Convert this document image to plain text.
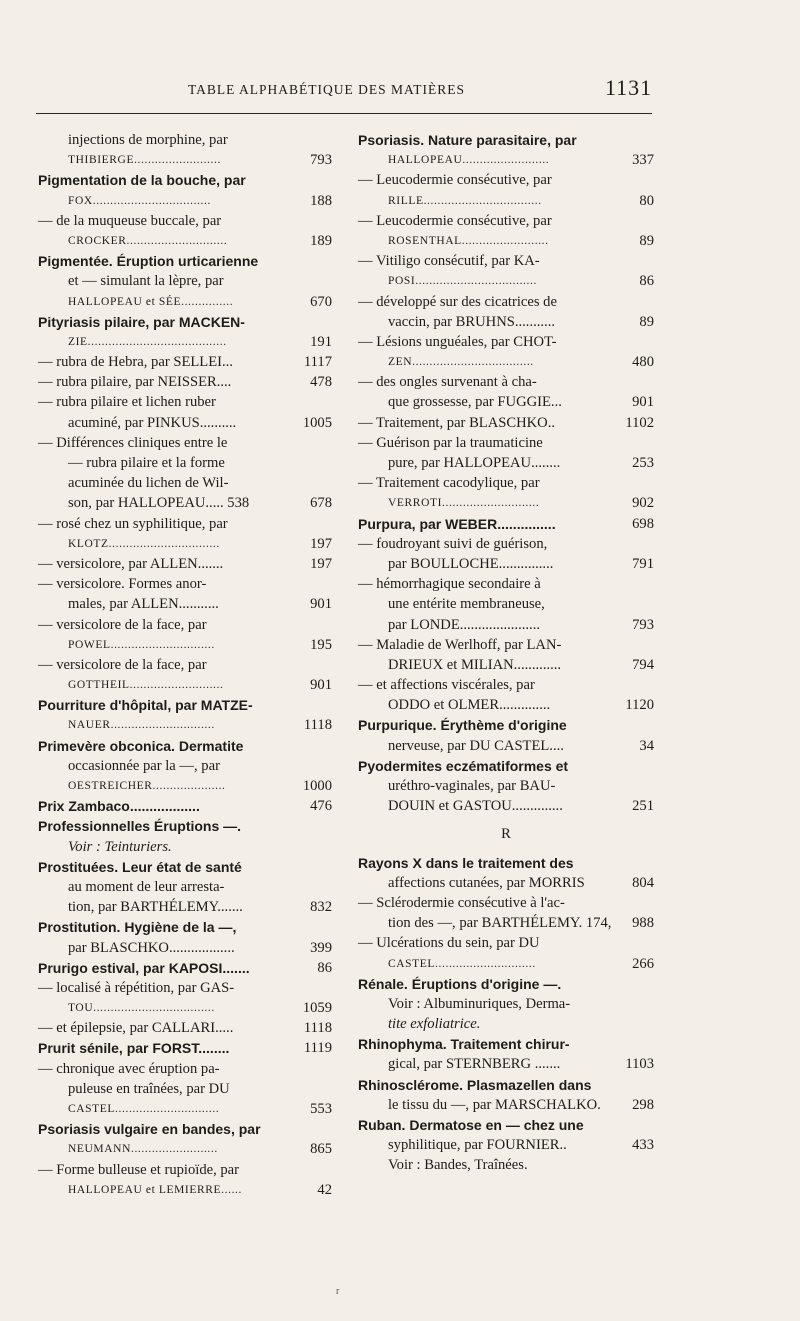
TABLE ALPHABÉTIQUE DES MATIÈRES	1131
injections de morphine, par
THIBIERGE.........................	793
Pigmentation de la bouche, par
FOX..................................	188
— de la muqueuse buccale, par
CROCKER.............................	189
Pigmentée. Éruption urticarienne
et — simulant la lèpre, par
HALLOPEAU et SÉE...............	670
Pityriasis pilaire, par MACKEN-
ZIE........................................	191
— rubra de Hebra, par SELLEI...	1117
— rubra pilaire, par NEISSER....	478
— rubra pilaire et lichen ruber
acuminé, par PINKUS..........	1005
— Différences cliniques entre le
— rubra pilaire et la forme
acuminée du lichen de Wil-
son, par HALLOPEAU..... 538	678
— rosé chez un syphilitique, par
KLOTZ................................	197
— versicolore, par ALLEN.......	197
— versicolore. Formes anor-
males, par ALLEN...........	901
— versicolore de la face, par
POWEL..............................	195
— versicolore de la face, par
GOTTHEIL...........................	901
Pourriture d'hôpital, par MATZE-
NAUER..............................	1118
Primevère obconica. Dermatite
occasionnée par la —, par
OESTREICHER.....................	1000
Prix Zambaco..................	476
Professionnelles Éruptions —.
Voir : Teinturiers.
Prostituées. Leur état de santé
au moment de leur arresta-
tion, par BARTHÉLEMY.......	832
Prostitution. Hygiène de la —,
par BLASCHKO..................	399
Prurigo estival, par KAPOSI.......	86
— localisé à répétition, par GAS-
TOU...................................	1059
— et épilepsie, par CALLARI.....	1118
Prurit sénile, par FORST........	1119
— chronique avec éruption pa-
puleuse en traînées, par DU
CASTEL..............................	553
Psoriasis vulgaire en bandes, par
NEUMANN.........................	865
— Forme bulleuse et rupioïde, par
HALLOPEAU et LEMIERRE......	42
Psoriasis. Nature parasitaire, par
HALLOPEAU.........................	337
— Leucodermie consécutive, par
RILLE..................................	80
— Leucodermie consécutive, par
ROSENTHAL.........................	89
— Vitiligo consécutif, par KA-
POSI...................................	86
— développé sur des cicatrices de
vaccin, par BRUHNS...........	89
— Lésions unguéales, par CHOT-
ZEN...................................	480
— des ongles survenant à cha-
que grossesse, par FUGGIE...	901
— Traitement, par BLASCHKO..	1102
— Guérison par la traumaticine
pure, par HALLOPEAU........	253
— Traitement cacodylique, par
VERROTI............................	902
Purpura, par WEBER...............	698
— foudroyant suivi de guérison,
par BOULLOCHE...............	791
— hémorrhagique secondaire à
une entérite membraneuse,
par LONDE......................	793
— Maladie de Werlhoff, par LAN-
DRIEUX et MILIAN.............	794
— et affections viscérales, par
ODDO et OLMER..............	1120
Purpurique. Érythème d'origine
nerveuse, par DU CASTEL....	34
Pyodermites eczématiformes et
uréthro-vaginales, par BAU-
DOUIN et GASTOU..............	251
R
Rayons X dans le traitement des
affections cutanées, par MORRIS	804
— Sclérodermie consécutive à l'ac-
tion des —, par BARTHÉLEMY. 174, 988
— Ulcérations du sein, par DU
CASTEL.............................	266
Rénale. Éruptions d'origine —.
Voir : Albuminuriques, Derma-
tite exfoliatrice.
Rhinophyma. Traitement chirur-
gical, par STERNBERG .......	1103
Rhinosclérome. Plasmazellen dans
le tissu du —, par MARSCHALKO. 298
Ruban. Dermatose en — chez une
syphilitique, par FOURNIER..	433
Voir : Bandes, Traînées.
r
